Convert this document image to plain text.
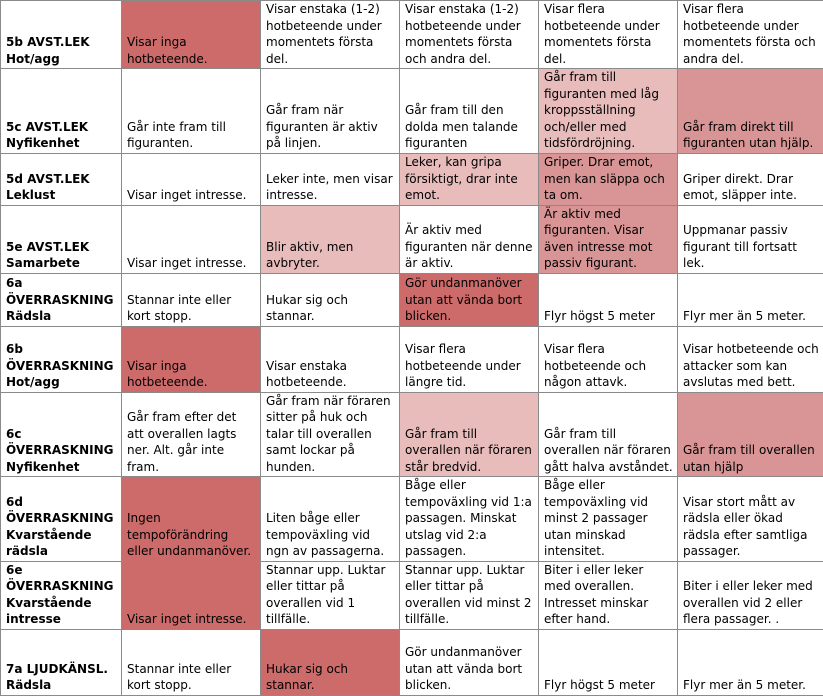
5b AVST.LEK
Hot/agg	Visar inga hotbeteende.	Visar enstaka (1-2) hotbeteende under momentets första del.	Visar enstaka (1-2) hotbeteende under momentets första och andra del.	Visar flera hotbeteende under momentets första del.	Visar flera hotbeteende under momentets första och andra del.
5c AVST.LEK
Nyfikenhet	Går inte fram till figuranten.	Går fram när figuranten är aktiv på linjen.	Går fram till den dolda men talande figuranten	Går fram till figuranten med låg kroppsställning och/eller med tidsfördröjning.	Går fram direkt till figuranten utan hjälp.
5d AVST.LEK
Leklust	Visar inget intresse.	Leker inte, men visar intresse.	Leker, kan gripa försiktigt, drar inte emot.	Griper. Drar emot, men kan släppa och ta om.	Griper direkt. Drar emot, släpper inte.
5e AVST.LEK
Samarbete	Visar inget intresse.	Blir aktiv, men avbryter.	Är aktiv med figuranten när denne är aktiv.	Är aktiv med figuranten. Visar även intresse mot passiv figurant.	Uppmanar passiv figurant till fortsatt lek.
6a
ÖVERRASKNING
Rädsla	Stannar inte eller kort stopp.	Hukar sig och stannar.	Gör undanmanöver utan att vända bort blicken.	Flyr högst 5 meter	Flyr mer än 5 meter.
6b
ÖVERRASKNING
Hot/agg	Visar inga hotbeteende.	Visar enstaka hotbeteende.	Visar flera hotbeteende under längre tid.	Visar flera hotbeteende och någon attavk.	Visar hotbeteende och attacker som kan avslutas med bett.
6c
ÖVERRASKNING
Nyfikenhet	Går fram efter det att overallen lagts ner. Alt. går inte fram.	Går fram när föraren sitter på huk och talar till overallen samt lockar på hunden.	Går fram till overallen när föraren står bredvid.	Går fram till overallen när föraren gått halva avståndet.	Går fram till overallen utan hjälp
6d
ÖVERRASKNING
Kvarstående
rädsla	Ingen tempoförändring eller undanmanöver.	Liten båge eller tempoväxling vid ngn av passagerna.	Båge eller tempoväxling vid 1:a passagen. Minskat utslag vid 2:a passagen.	Båge eller tempoväxling vid minst 2 passager utan minskad intensitet.	Visar stort mått av rädsla eller ökad rädsla efter samtliga passager.
6e
ÖVERRASKNING
Kvarstående
intresse	Visar inget intresse.	Stannar upp. Luktar eller tittar på overallen vid 1 tillfälle.	Stannar upp. Luktar eller tittar på overallen vid minst 2 tillfälle.	Biter i eller leker med overallen. Intresset minskar efter hand.	Biter i eller leker med overallen vid 2 eller flera passager. .
7a LJUDKÄNSL.
Rädsla	Stannar inte eller kort stopp.	Hukar sig och stannar.	Gör undanmanöver utan att vända bort blicken.	Flyr högst 5 meter	Flyr mer än 5 meter.
